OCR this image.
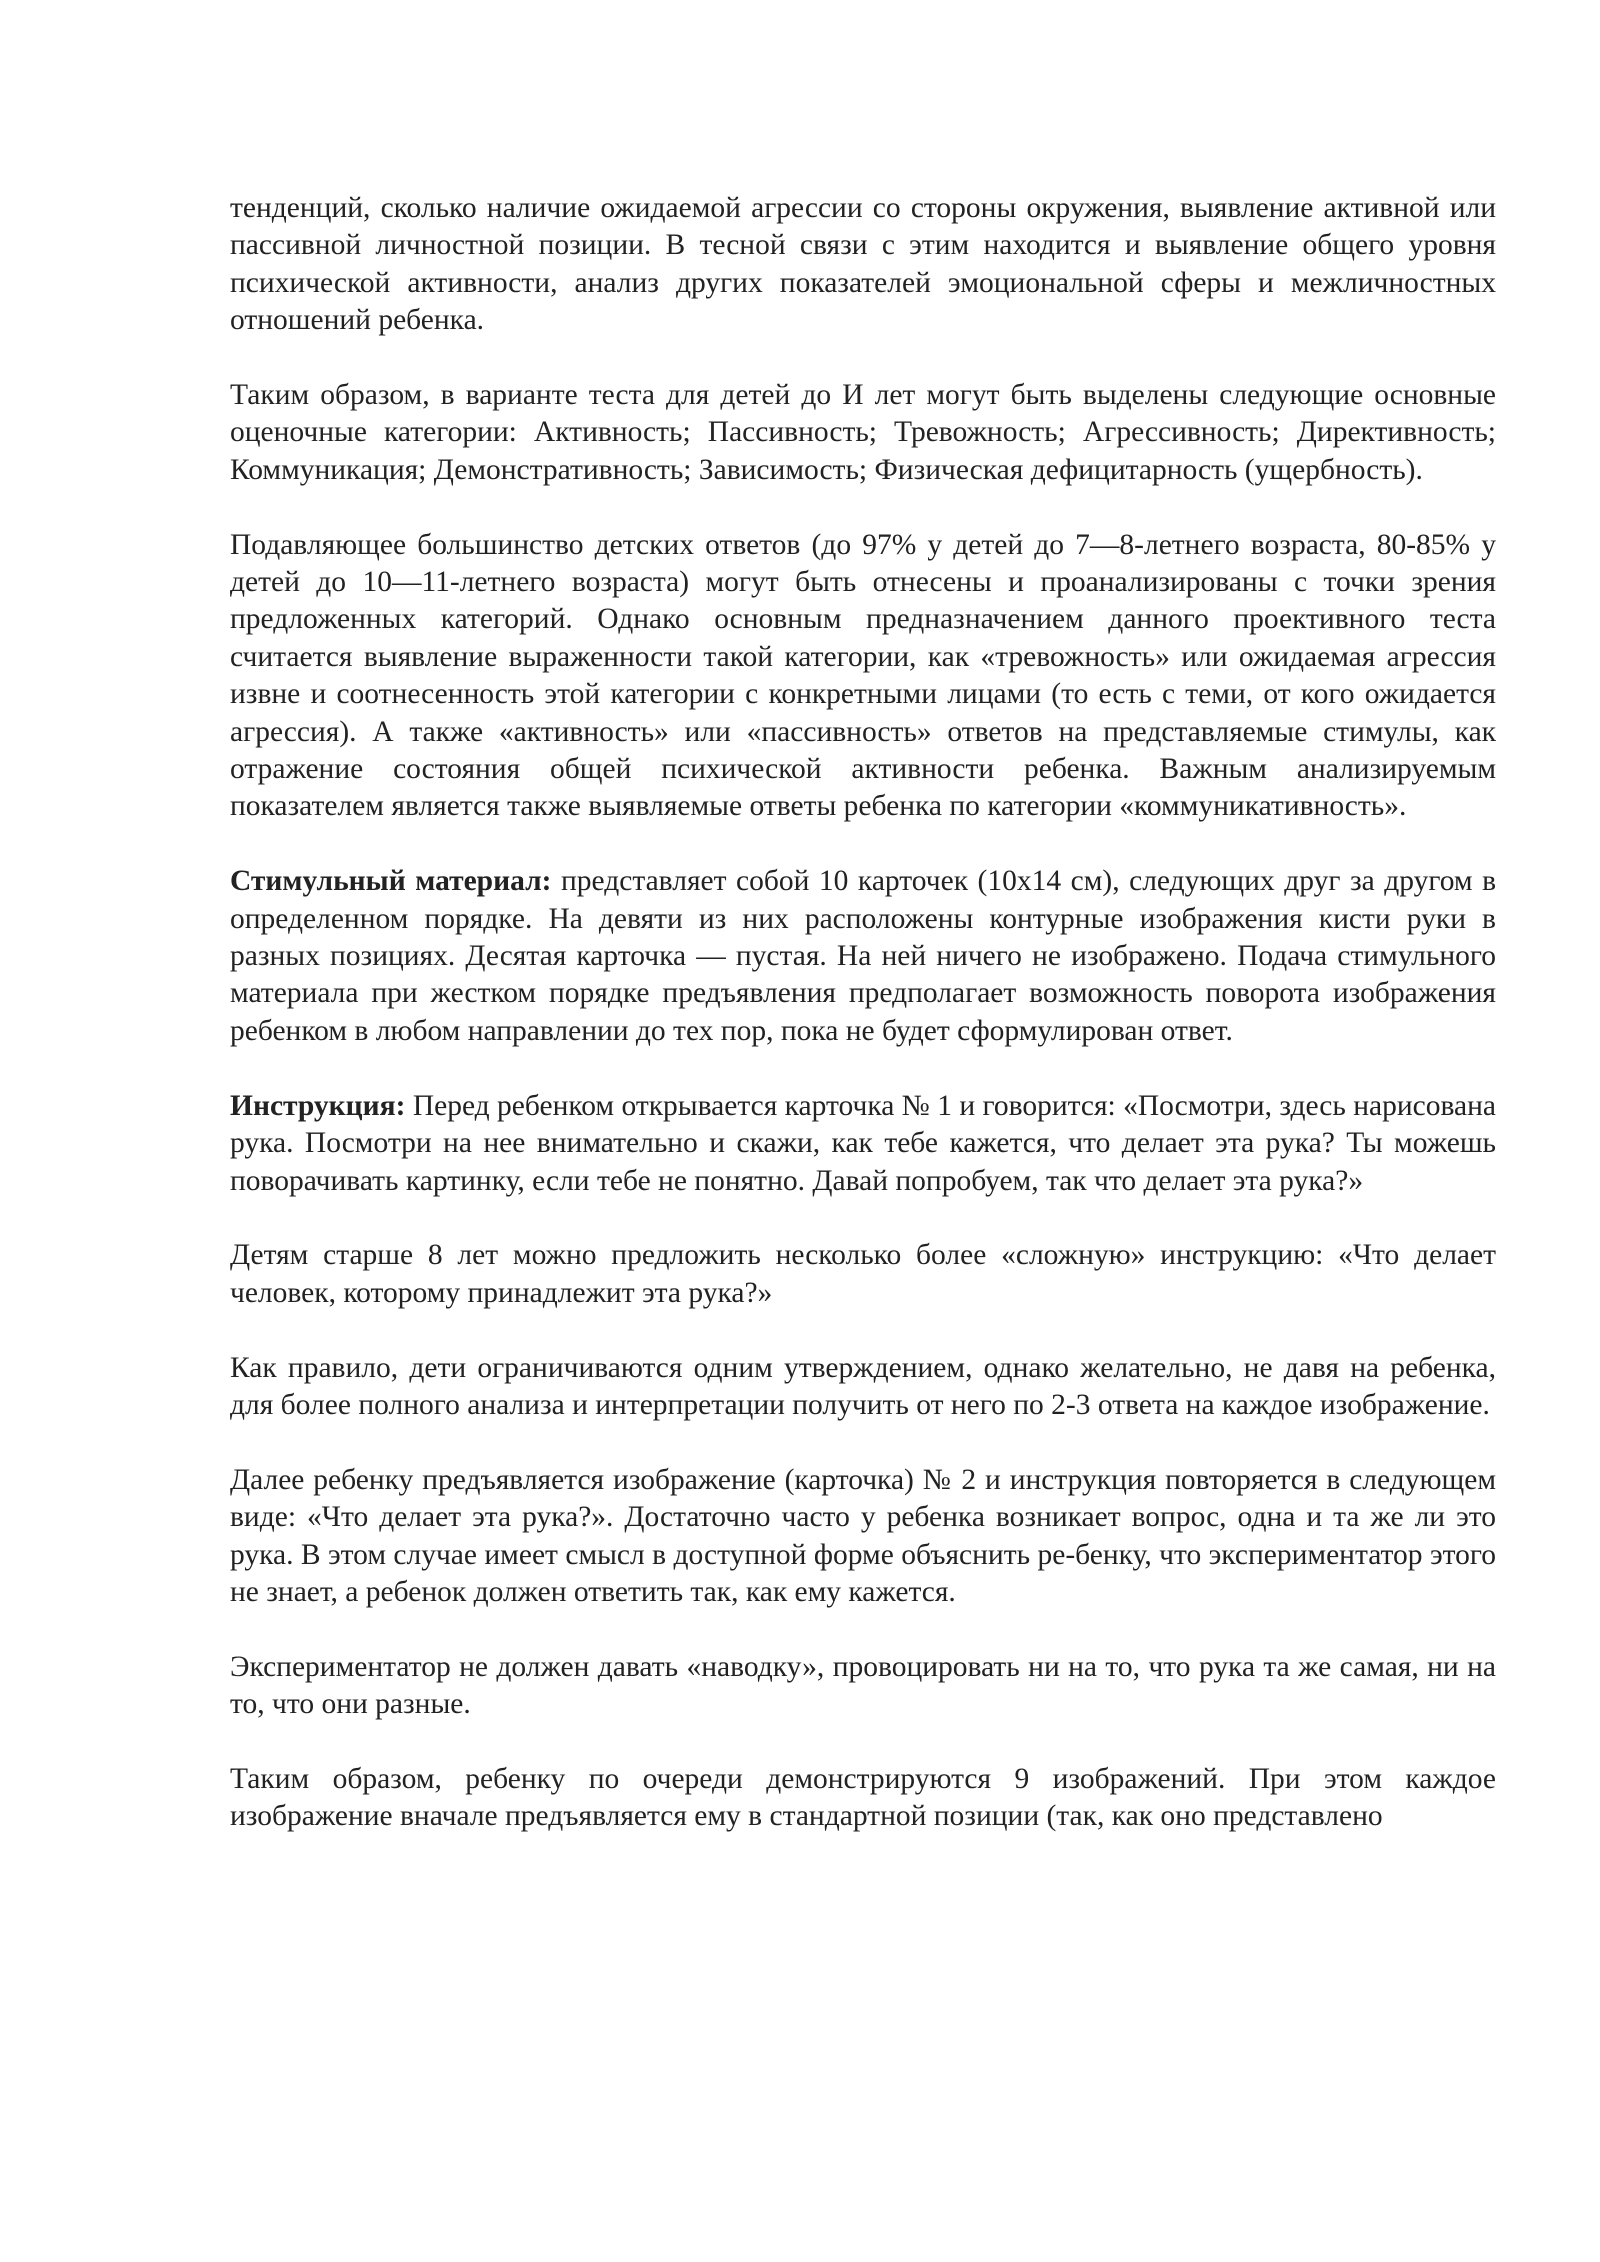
тенденций, сколько наличие ожидаемой агрессии со стороны окружения, выявление активной или пассивной личностной позиции. В тесной связи с этим находится и выявление общего уровня психической активности, анализ других показателей эмоциональной сферы и межличностных отношений ребенка.

Таким образом, в варианте теста для детей до И лет могут быть выделены следующие основные оценочные категории: Активность; Пассивность; Тревожность; Агрессивность; Директивность; Коммуникация; Демонстративность; Зависимость; Физическая дефицитарность (ущербность).

Подавляющее большинство детских ответов (до 97% у детей до 7—8-летнего возраста, 80-85% у детей до 10—11-летнего возраста) могут быть отнесены и проанализированы с точки зрения предложенных категорий. Однако основным предназначением данного проективного теста считается выявление выраженности такой категории, как «тревожность» или ожидаемая агрессия извне и соотнесенность этой категории с конкретными лицами (то есть с теми, от кого ожидается агрессия). А также «активность» или «пассивность» ответов на представляемые стимулы, как отражение состояния общей психической активности ребенка. Важным анализируемым показателем является также выявляемые ответы ребенка по категории «коммуникативность».

Стимульный материал: представляет собой 10 карточек (10х14 см), следующих друг за другом в определенном порядке. На девяти из них расположены контурные изображения кисти руки в разных позициях. Десятая карточка — пустая. На ней ничего не изображено. Подача стимульного материала при жестком порядке предъявления предполагает возможность поворота изображения ребенком в любом направлении до тех пор, пока не будет сформулирован ответ.

Инструкция: Перед ребенком открывается карточка № 1 и говорится: «Посмотри, здесь нарисована рука. Посмотри на нее внимательно и скажи, как тебе кажется, что делает эта рука? Ты можешь поворачивать картинку, если тебе не понятно. Давай попробуем, так что делает эта рука?»

Детям старше 8 лет можно предложить несколько более «сложную» инструкцию: «Что делает человек, которому принадлежит эта рука?»

Как правило, дети ограничиваются одним утверждением, однако желательно, не давя на ребенка, для более полного анализа и интерпретации получить от него по 2-3 ответа на каждое изображение.

Далее ребенку предъявляется изображение (карточка) № 2 и инструкция повторяется в следующем виде: «Что делает эта рука?». Достаточно часто у ребенка возникает вопрос, одна и та же ли это рука. В этом случае имеет смысл в доступной форме объяснить ре-бенку, что экспериментатор этого не знает, а ребенок должен ответить так, как ему кажется.

Экспериментатор не должен давать «наводку», провоцировать ни на то, что рука та же самая, ни на то, что они разные.

Таким образом, ребенку по очереди демонстрируются 9 изображений. При этом каждое изображение вначале предъявляется ему в стандартной позиции (так, как оно представлено
